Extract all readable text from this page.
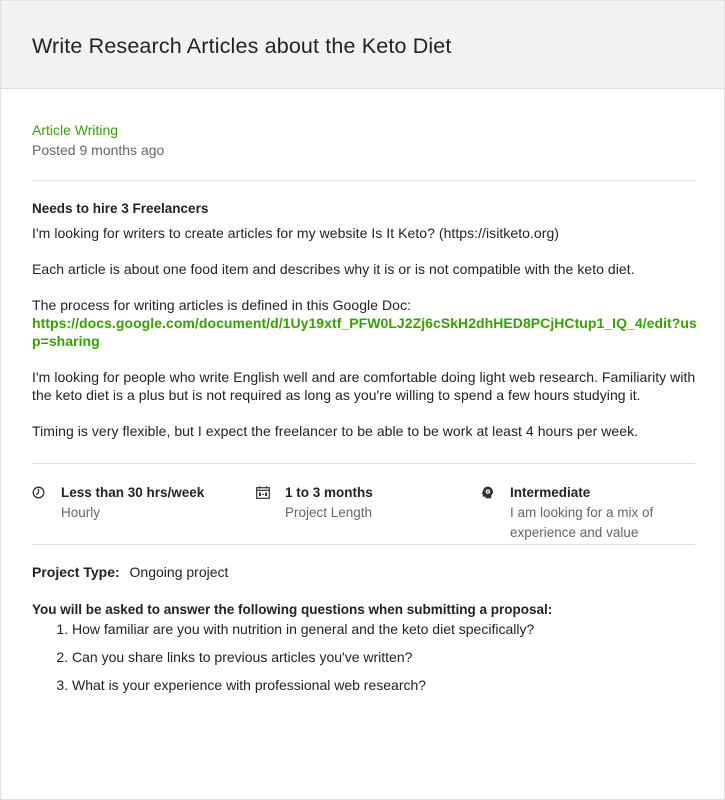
Write Research Articles about the Keto Diet
Article Writing
Posted 9 months ago
Needs to hire 3 Freelancers

I'm looking for writers to create articles for my website Is It Keto? (https://isitketo.org)

Each article is about one food item and describes why it is or is not compatible with the keto diet.

The process for writing articles is defined in this Google Doc:
https://docs.google.com/document/d/1Uy19xtf_PFW0LJ2Zj6cSkH2dhHED8PCjHCtup1_IQ_4/edit?usp=sharing

I'm looking for people who write English well and are comfortable doing light web research. Familiarity with the keto diet is a plus but is not required as long as you're willing to spend a few hours studying it.

Timing is very flexible, but I expect the freelancer to be able to be work at least 4 hours per week.

Less than 30 hrs/week
Hourly
1 to 3 months
Project Length
Intermediate
I am looking for a mix of experience and value
Project Type: Ongoing project
You will be asked to answer the following questions when submitting a proposal:
1. How familiar are you with nutrition in general and the keto diet specifically?
2. Can you share links to previous articles you've written?
3. What is your experience with professional web research?
